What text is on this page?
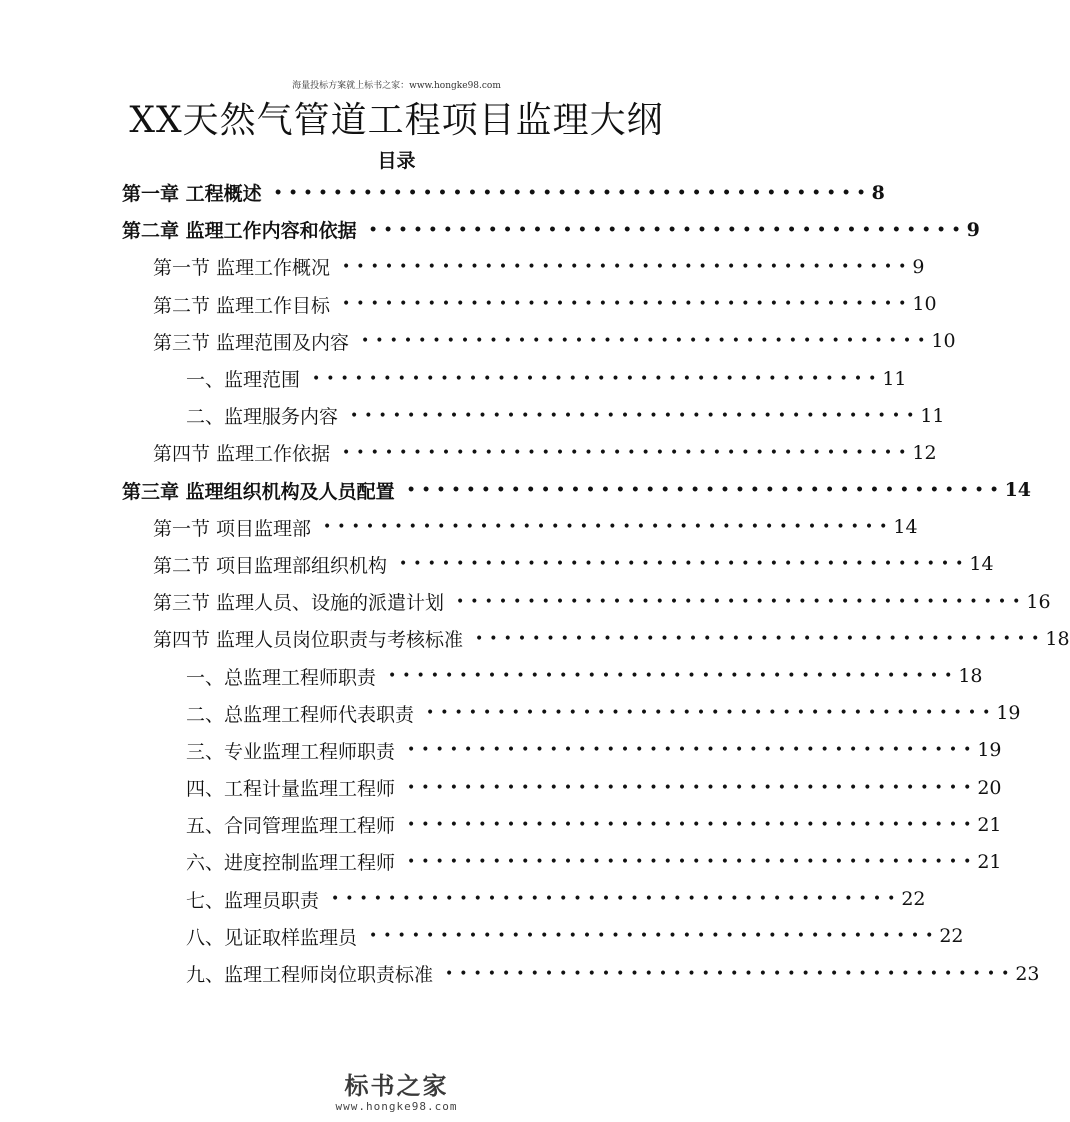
海量投标方案就上标书之家：www.hongke98.com
XX天然气管道工程项目监理大纲
目录
第一章 工程概述 •••••••••••••••••••••••••••••••••••••••• 8
第二章 监理工作内容和依据 •••••••••••••••••••••••••••••••••••••••• 9
第一节 监理工作概况 •••••••••••••••••••••••••••••••••••••••• 9
第二节 监理工作目标 •••••••••••••••••••••••••••••••••••••••• 10
第三节 监理范围及内容 •••••••••••••••••••••••••••••••••••••••• 10
一、监理范围 •••••••••••••••••••••••••••••••••••••••• 11
二、监理服务内容 •••••••••••••••••••••••••••••••••••••••• 11
第四节 监理工作依据 •••••••••••••••••••••••••••••••••••••••• 12
第三章 监理组织机构及人员配置 •••••••••••••••••••••••••••••••••••••••• 14
第一节 项目监理部 •••••••••••••••••••••••••••••••••••••••• 14
第二节 项目监理部组织机构 •••••••••••••••••••••••••••••••••••••••• 14
第三节 监理人员、设施的派遣计划 •••••••••••••••••••••••••••••••••••••••• 16
第四节 监理人员岗位职责与考核标准 •••••••••••••••••••••••••••••••••••••••• 18
一、总监理工程师职责 •••••••••••••••••••••••••••••••••••••••• 18
二、总监理工程师代表职责 •••••••••••••••••••••••••••••••••••••••• 19
三、专业监理工程师职责 •••••••••••••••••••••••••••••••••••••••• 19
四、工程计量监理工程师 •••••••••••••••••••••••••••••••••••••••• 20
五、合同管理监理工程师 •••••••••••••••••••••••••••••••••••••••• 21
六、进度控制监理工程师 •••••••••••••••••••••••••••••••••••••••• 21
七、监理员职责 •••••••••••••••••••••••••••••••••••••••• 22
八、见证取样监理员 •••••••••••••••••••••••••••••••••••••••• 22
九、监理工程师岗位职责标准 •••••••••••••••••••••••••••••••••••••••• 23
标书之家
www.hongke98.com
